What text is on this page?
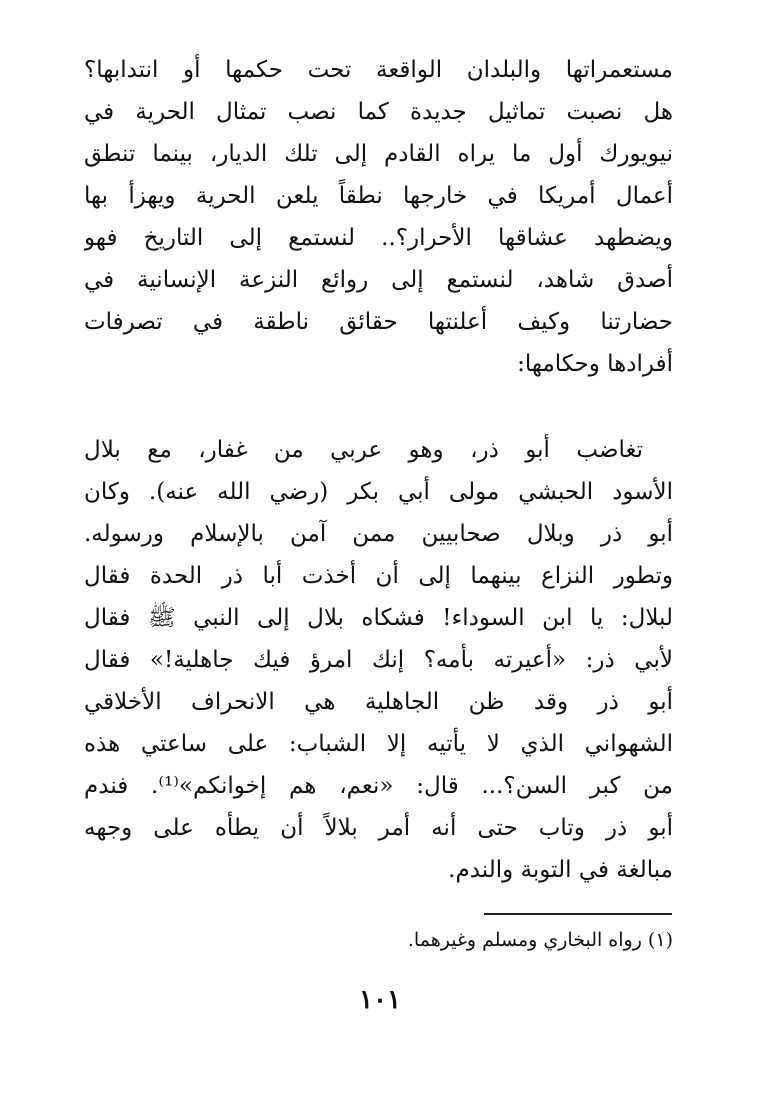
مستعمراتها والبلدان الواقعة تحت حكمها أو انتدابها؟
هل نصبت تماثيل جديدة كما نصب تمثال الحرية في
نيويورك أول ما يراه القادم إلى تلك الديار، بينما تنطق
أعمال أمريكا في خارجها نطقاً يلعن الحرية ويهزأ بها
ويضطهد عشاقها الأحرار؟.. لنستمع إلى التاريخ فهو
أصدق شاهد، لنستمع إلى روائع النزعة الإنسانية في
حضارتنا وكيف أعلنتها حقائق ناطقة في تصرفات
أفرادها وحكامها:
تغاضب أبو ذر، وهو عربي من غفار، مع بلال
الأسود الحبشي مولى أبي بكر (رضي الله عنه). وكان
أبو ذر وبلال صحابيين ممن آمن بالإسلام ورسوله.
وتطور النزاع بينهما إلى أن أخذت أبا ذر الحدة فقال
لبلال: يا ابن السوداء! فشكاه بلال إلى النبي ﷺ فقال
لأبي ذر: «أعيرته بأمه؟ إنك امرؤ فيك جاهلية!» فقال
أبو ذر وقد ظن الجاهلية هي الانحراف الأخلاقي
الشهواني الذي لا يأتيه إلا الشباب: على ساعتي هذه
من كبر السن؟... قال: «نعم، هم إخوانكم»⁽¹⁾. فندم
أبو ذر وتاب حتى أنه أمر بلالاً أن يطأه على وجهه
مبالغة في التوبة والندم.
(١) رواه البخاري ومسلم وغيرهما.
١٠١
